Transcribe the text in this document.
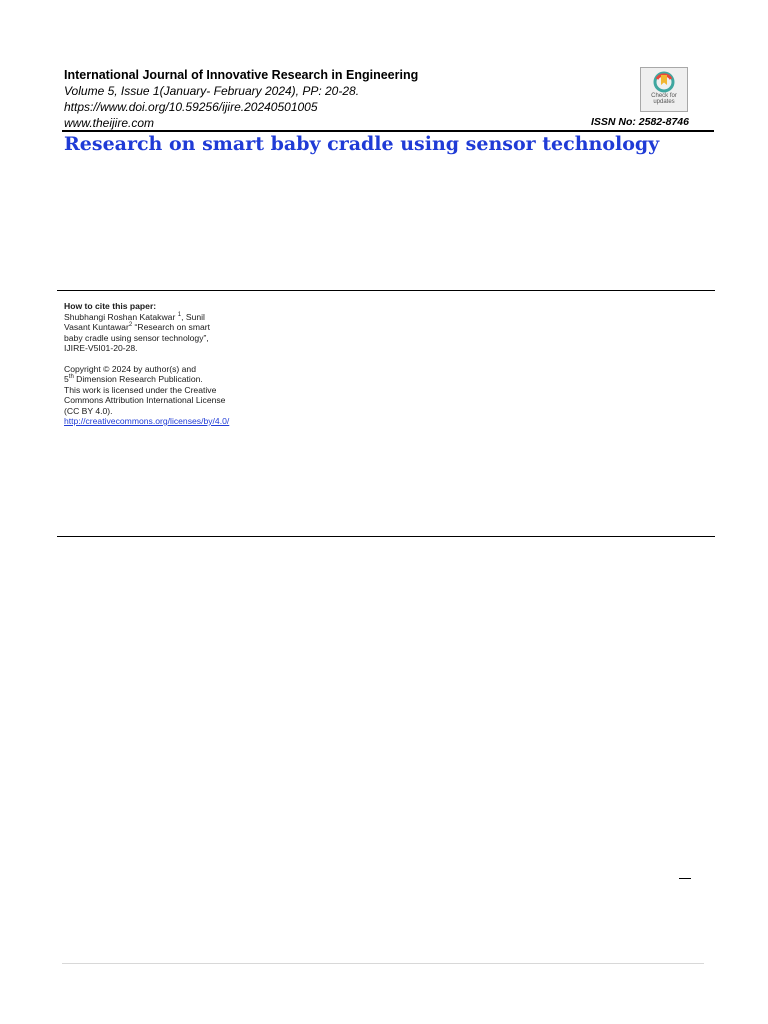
International Journal of Innovative Research in Engineering
Volume 5, Issue 1(January- February 2024), PP: 20-28.
https://www.doi.org/10.59256/ijire.20240501005
www.theijire.com	ISSN No: 2582-8746
Check for
updates
Research on smart baby cradle using sensor technology
How to cite this paper:
Shubhangi Roshan Katakwar $^1$, Sunil
Vasant Kuntawar$^2$ “Research on smart
baby cradle using sensor technology”,
IJIRE-V5I01-20-28.
Copyright © 2024 by author(s) and
5th Dimension Research Publication.
This work is licensed under the Creative
Commons Attribution International License
(CC BY 4.0).
http://creativecommons.org/licenses/by/4.0/
